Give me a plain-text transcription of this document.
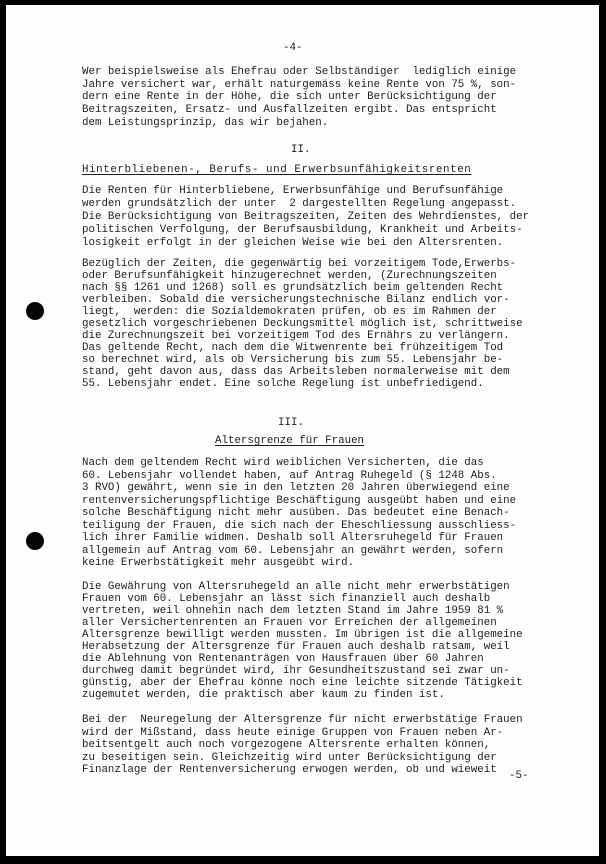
-4-
Wer beispielsweise als Ehefrau oder Selbständiger  lediglich einige
Jahre versichert war, erhält naturgemäss keine Rente von 75 %, son-
dern eine Rente in der Höhe, die sich unter Berücksichtigung der
Beitragszeiten, Ersatz- und Ausfallzeiten ergibt. Das entspricht
dem Leistungsprinzip, das wir bejahen.
II.
Hinterbliebenen-, Berufs- und Erwerbsunfähigkeitsrenten
Die Renten für Hinterbliebene, Erwerbsunfähige und Berufsunfähige
werden grundsätzlich der unter  2 dargestellten Regelung angepasst.
Die Berücksichtigung von Beitragszeiten, Zeiten des Wehrdienstes, der
politischen Verfolgung, der Berufsausbildung, Krankheit und Arbeits-
losigkeit erfolgt in der gleichen Weise wie bei den Altersrenten.
Bezüglich der Zeiten, die gegenwärtig bei vorzeitigem Tode,Erwerbs-
oder Berufsunfähigkeit hinzugerechnet werden, (Zurechnungszeiten
nach §§ 1261 und 1268) soll es grundsätzlich beim geltenden Recht
verbleiben. Sobald die versicherungstechnische Bilanz endlich vor-
liegt,  werden: die Sozialdemokraten prüfen, ob es im Rahmen der
gesetzlich vorgeschriebenen Deckungsmittel möglich ist, schrittweise
die Zurechnungszeit bei vorzeitigem Tod des Ernährs zu verlängern.
Das geltende Recht, nach dem die Witwenrente bei frühzeitigem Tod
so berechnet wird, als ob Versicherung bis zum 55. Lebensjahr be-
stand, geht davon aus, dass das Arbeitsleben normalerweise mit dem
55. Lebensjahr endet. Eine solche Regelung ist unbefriedigend.
III.
Altersgrenze für Frauen
Nach dem geltendem Recht wird weiblichen Versicherten, die das
60. Lebensjahr vollendet haben, auf Antrag Ruhegeld (§ 1248 Abs.
3 RVO) gewährt, wenn sie in den letzten 20 Jahren überwiegend eine
rentenversicherungspflichtige Beschäftigung ausgeübt haben und eine
solche Beschäftigung nicht mehr ausüben. Das bedeutet eine Benach-
teiligung der Frauen, die sich nach der Eheschliessung ausschliess-
lich ihrer Familie widmen. Deshalb soll Altersruhegeld für Frauen
allgemein auf Antrag vom 60. Lebensjahr an gewährt werden, sofern
keine Erwerbstätigkeit mehr ausgeübt wird.
Die Gewährung von Altersruhegeld an alle nicht mehr erwerbstätigen
Frauen vom 60. Lebensjahr an lässt sich finanziell auch deshalb
vertreten, weil ohnehin nach dem letzten Stand im Jahre 1959 81 %
aller Versichertenrenten an Frauen vor Erreichen der allgemeinen
Altersgrenze bewilligt werden mussten. Im übrigen ist die allgemeine
Herabsetzung der Altersgrenze für Frauen auch deshalb ratsam, weil
die Ablehnung von Rentenanträgen von Hausfrauen über 60 Jahren
durchweg damit begründet wird, ihr Gesundheitszustand sei zwar un-
günstig, aber der Ehefrau könne noch eine leichte sitzende Tätigkeit
zugemutet werden, die praktisch aber kaum zu finden ist.
Bei der  Neuregelung der Altersgrenze für nicht erwerbstätige Frauen
wird der Mißstand, dass heute einige Gruppen von Frauen neben Ar-
beitsentgelt auch noch vorgezogene Altersrente erhalten können,
zu beseitigen sein. Gleichzeitig wird unter Berücksichtigung der
Finanzlage der Rentenversicherung erwogen werden, ob und wieweit	-5-
